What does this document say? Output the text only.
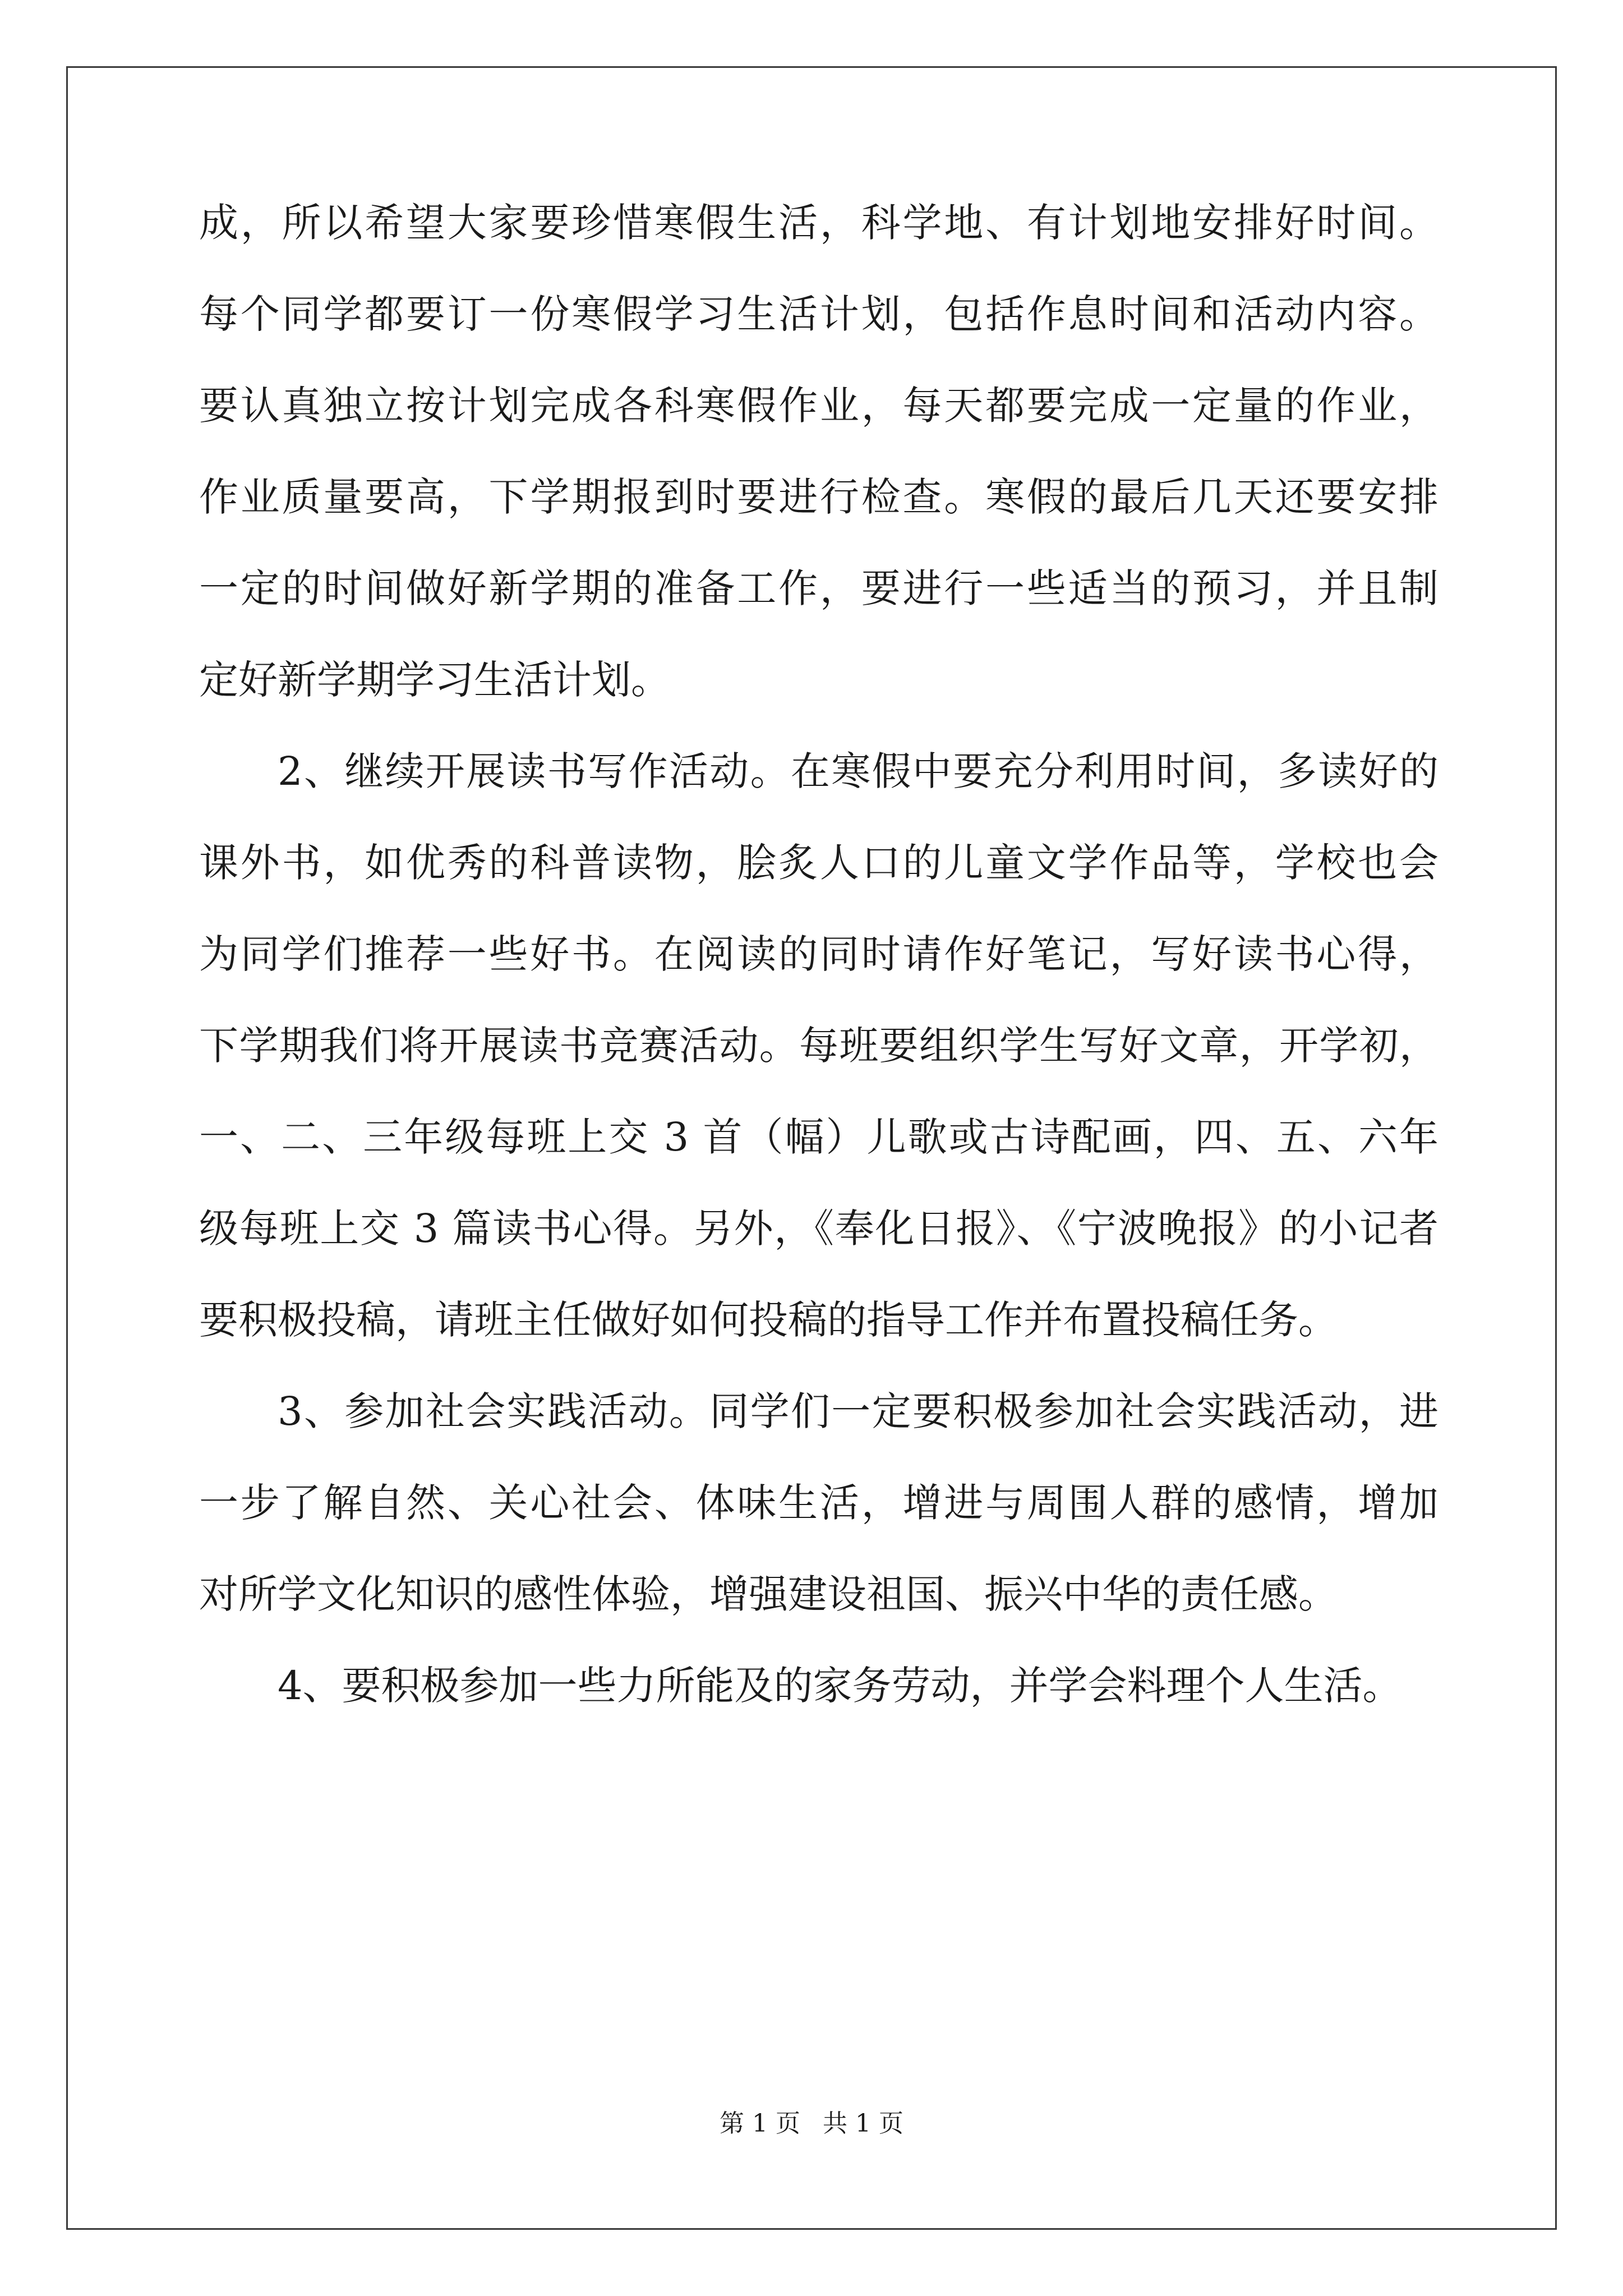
成，所以希望大家要珍惜寒假生活，科学地、有计划地安排好时间。
每个同学都要订一份寒假学习生活计划，包括作息时间和活动内容。
要认真独立按计划完成各科寒假作业，每天都要完成一定量的作业，
作业质量要高，下学期报到时要进行检查。寒假的最后几天还要安排
一定的时间做好新学期的准备工作，要进行一些适当的预习，并且制
定好新学期学习生活计划。
2、继续开展读书写作活动。在寒假中要充分利用时间，多读好的
课外书，如优秀的科普读物，脍炙人口的儿童文学作品等，学校也会
为同学们推荐一些好书。在阅读的同时请作好笔记，写好读书心得，
下学期我们将开展读书竞赛活动。每班要组织学生写好文章，开学初，
一、二、三年级每班上交 3 首（幅）儿歌或古诗配画，四、五、六年
级每班上交 3 篇读书心得。另外，《奉化日报》、《宁波晚报》的小记者
要积极投稿，请班主任做好如何投稿的指导工作并布置投稿任务。
3、参加社会实践活动。同学们一定要积极参加社会实践活动，进
一步了解自然、关心社会、体味生活，增进与周围人群的感情，增加
对所学文化知识的感性体验，增强建设祖国、振兴中华的责任感。
4、要积极参加一些力所能及的家务劳动，并学会料理个人生活。
第 1 页 共 1 页
